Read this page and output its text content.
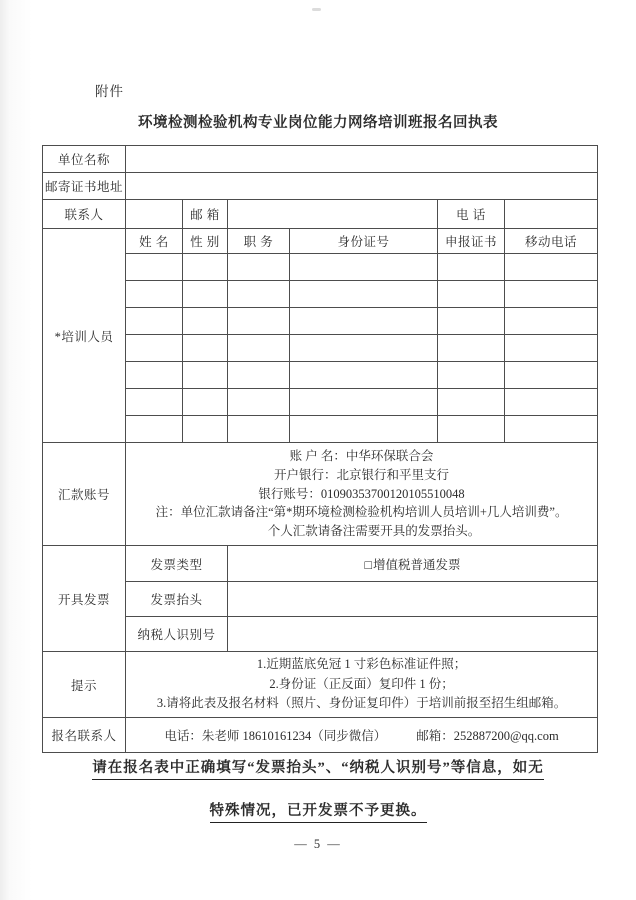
附件
环境检测检验机构专业岗位能力网络培训班报名回执表
单位名称						
邮寄证书地址						
联系人		邮 箱			电 话	
*培训人员	姓 名	性 别	职 务	身份证号	申报证书	移动电话

汇款账号	账 户 名：中华环保联合会
开户银行：北京银行和平里支行
银行账号：01090353700120105510048
注：单位汇款请备注“第*期环境检测检验机构培训人员培训+几人培训费”。
个人汇款请备注需要开具的发票抬头。					

开具发票	发票类型		□增值税普通发票			
	发票抬头					
	纳税人识别号					
提示	1.近期蓝底免冠 1 寸彩色标准证件照；
2.身份证（正反面）复印件 1 份；
3.请将此表及报名材料（照片、身份证复印件）于培训前报至招生组邮箱。					

报名联系人	电话：朱老师 18610161234（同步微信） 邮箱：252887200@qq.com					
请在报名表中正确填写“发票抬头”、“纳税人识别号”等信息，如无
特殊情况，已开发票不予更换。
— 5 —
